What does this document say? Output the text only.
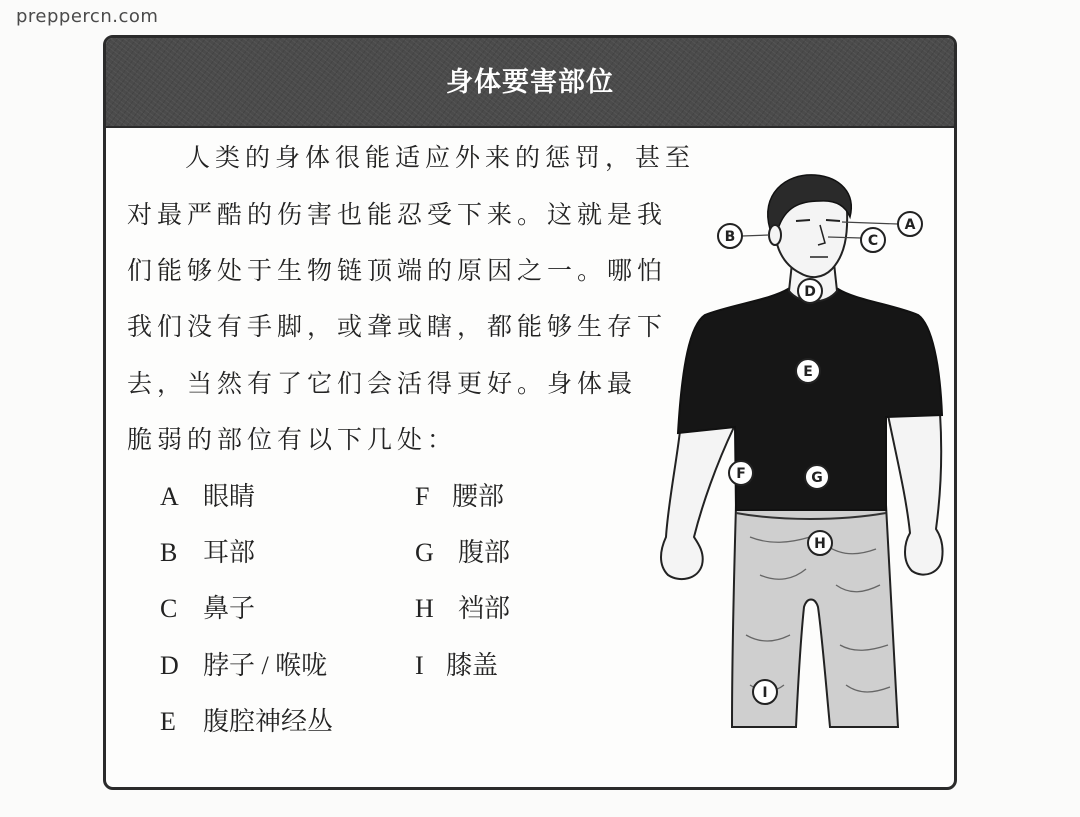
preppercn.com
身体要害部位
人类的身体很能适应外来的惩罚，甚至
对最严酷的伤害也能忍受下来。这就是我
们能够处于生物链顶端的原因之一。哪怕
我们没有手脚，或聋或瞎，都能够生存下
去，当然有了它们会活得更好。身体最
脆弱的部位有以下几处：
A 眼睛
B 耳部
C 鼻子
D 脖子 / 喉咙
E 腹腔神经丛
F 腰部
G 腹部
H 裆部
I 膝盖
A
B	C
D
E
F	G
H
I
